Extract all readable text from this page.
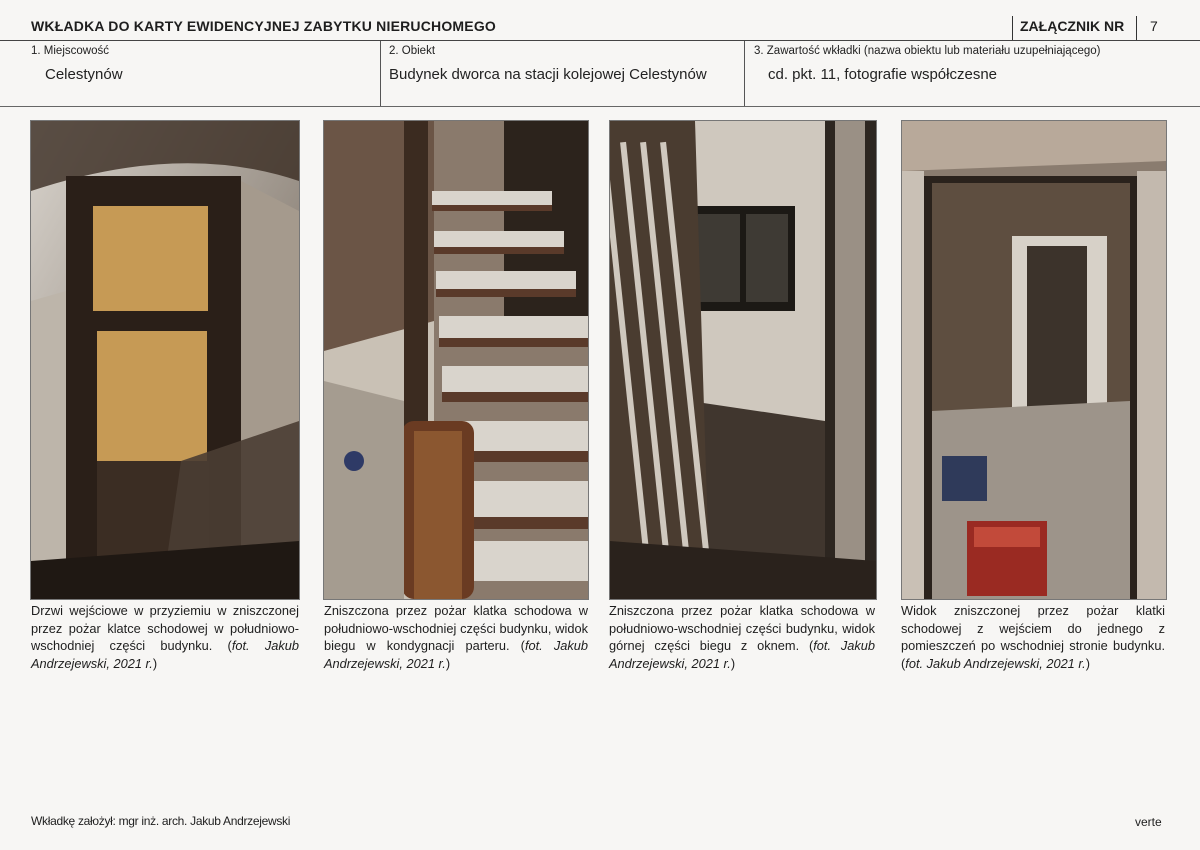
WKŁADKA DO KARTY EWIDENCYJNEJ ZABYTKU NIERUCHOMEGO	ZAŁĄCZNIK NR 7
1. Miejscowość
Celestynów
2. Obiekt
Budynek dworca na stacji kolejowej Celestynów
3. Zawartość wkładki (nazwa obiektu lub materiału uzupełniającego)
cd. pkt. 11, fotografie współczesne
Drzwi wejściowe w przyziemiu w zniszczonej przez pożar klatce schodowej w południowo-wschodniej części budynku. (fot. Jakub Andrzejewski, 2021 r.)
Zniszczona przez pożar klatka schodowa w południowo-wschodniej części budynku, widok biegu w kondygnacji parteru. (fot. Jakub Andrzejewski, 2021 r.)
Zniszczona przez pożar klatka schodowa w południowo-wschodniej części budynku, widok górnej części biegu z oknem. (fot. Jakub Andrzejewski, 2021 r.)
Widok zniszczonej przez pożar klatki schodowej z wejściem do jednego z pomieszczeń po wschodniej stronie budynku. (fot. Jakub Andrzejewski, 2021 r.)
Wkładkę założył: mgr inż. arch. Jakub Andrzejewski	verte
